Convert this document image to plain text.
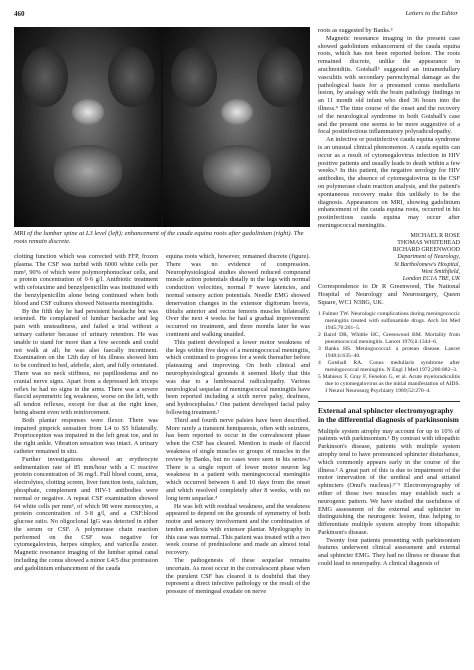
460	Letters to the Editor
MRI of the lumbar spine at L3 level (left); enhancement of the cauda equina roots after gadolinium (right). The roots remain discrete.

clotting function which was corrected with FFP, frozen plasma. The CSF was turbid with 6000 white cells per mm³, 90% of which were polymorphonuclear cells, and a protein concentration of 0·6 g/l. Antibiotic treatment with cefotaxime and benzylpenicillin was instituted with the benzylpenicillin alone being continued when both blood and CSF cultures showed Neisseria meningitidis.

By the fifth day he had persistent headache but was oriented. He complained of lumbar backache and leg pain with unsteadiness, and failed a trial without a urinary catheter because of urinary retention. He was unable to stand for more than a few seconds and could not walk at all; he was also faecally incontinent. Examination on the 12th day of his illness showed him to be confined to bed, afebrile, alert, and fully orientated. There was no neck stiffness, no papilloedema and no cranial nerve signs. Apart from a depressed left triceps reflex he had no signs in the arms. There was a severe flaccid asymmetric leg weakness, worse on the left, with all tendon reflexes, except for that at the right knee, being absent even with reinforcement.

Both plantar responses were flexor. There was impaired pinprick sensation from L4 to S5 bilaterally. Proprioception was impaired in the left great toe, and in the right ankle. Vibration sensation was intact. A urinary catheter remained in situ.

Further investigations showed an erythrocyte sedimentation rate of 85 mm/hour with a C reactive protein concentration of 36 mg/l. Full blood count, urea, electrolytes, clotting screen, liver function tests, calcium, phosphate, complement and HIV-1 antibodies were normal or negative. A repeat CSF examination showed 64 white cells per mm³, of which 98 were monocytes, a protein concentration of 3·8 g/l, and a CSF:blood glucose ratio. No oligoclonal IgG was detected in either the serum or CSF. A polymerase chain reaction performed on the CSF was negative for cytomegalovirus, herpes simplex, and varicella zoster. Magnetic resonance imaging of the lumbar spinal canal including the conus showed a minor L4/5 disc protrusion and gadolinium enhancement of the cauda

equina roots which, however, remained discrete (figure). There was no evidence of compression. Neurophysiological studies showed reduced compound muscle action potentials distally in the legs with normal conduction velocities, normal F wave latencies, and normal sensory action potentials. Needle EMG showed denervation changes in the extensor digitorum brevis, tibialis anterior and rectus femoris muscles bilaterally. Over the next 4 weeks he had a gradual improvement occurred on treatment, and three months later he was continent and walking unaided.

This patient developed a lower motor weakness of the legs within five days of a meningococcal meningitis, which continued to progress for a week thereafter before plateauing and improving. On both clinical and neurophysiological grounds it seemed likely that this was due to a lumbosacral radiculopathy. Various neurological sequelae of meningococcal meningitis have been reported including a sixth nerve palsy, deafness, and hydrocephalus.¹ One patient developed facial palsy following treatment.²

Third and fourth nerve palsies have been described. More rarely a transient hemiparesis, often with seizures, has been reported to occur in the convalescent phase when the CSF has cleared. Mention is made of flaccid weakness of single muscles or groups of muscles in the review by Banks, but no cases were seen in his series.³ There is a single report of lower motor neuron leg weakness in a patient with meningococcal meningitis which occurred between 6 and 10 days from the onset and which resolved completely after 8 weeks, with no long term sequelae.⁴

He was left with residual weakness, and the weakness appeared to depend on the grounds of symmetry of both motor and sensory involvement and the combination of tendon areflexia with extensor plantar. Myelography in this case was normal. This patient was treated with a two week course of prednisolone and made an almost total recovery.

The pathogenesis of these sequelae remains uncertain. As most occur in the convalescent phase when the purulent CSF has cleared it is doubtful that they represent a direct infective pathology or the result of the pressure of meningeal exudate on nerve

roots as suggested by Banks.³

Magnetic resonance imaging in the present case showed gadolinium enhancement of the cauda equina roots, which has not been reported before. The roots remained discrete, unlike the appearance in arachnoiditis. Gotshall⁵ suggested an intramedullary vasculitis with secondary parenchymal damage as the pathological basis for a presumed conus medullaris lesion, by analogy with the brain pathology findings in an 11 month old infant who died 36 hours into the illness.⁴ The time course of the onset and the recovery of the neurological syndrome in both Gotshall's case and the present one seems to be more suggestive of a focal postinfectious inflammatory polyradiculopathy.

An infective or postinfective cauda equina syndrome is an unusual clinical phenomenon. A cauda equitis can occur as a result of cytomegalovirus infection in HIV positive patients and usually leads to death within a few weeks.⁵ In this patient, the negative serology for HIV antibodies, the absence of cytomegalovirus in the CSF on polymerase chain reaction analysis, and the patient's spontaneous recovery make this unlikely to be the diagnosis. Appearances on MRI, showing gadolinium enhancement of the cauda equina roots, occurred in his postinfectious cauda equina may occur after meningococcal meningitis.

MICHAEL R ROSE
THOMAS WHITEHEAD
RICHARD GREENWOOD
Department of Neurology,
St Bartholomew's Hospital,
West Smithfield,
London EC1A 7BE, UK

Correspondence to Dr R Greenwood, The National Hospital of Neurology and Neurosurgery, Queen Square, WC1 N3BG, UK.

1 Fulmer TW. Neurologic complications during meningococcic meningitis treated with sulfonamide drugs. Arch Int Med 1945;76:201–5.
2 Baird DR, Whittle HC, Greenwood BM. Mortality from pneumococcal meningitis. Lancet 1976;ii:1344–6.
3 Banks HS. Meningococcal: a protean disease. Lancet 1948;ii:635–40.
4 Gotshall RA. Conus medullaris syndrome after meningococcal meningitis. N Engl J Med 1972;286:882–3.
5 Mahieux F, Gray F, Fenelon G, et al. Acute myeloradiculitis due to cytomegalovirus as the initial manifestation of AIDS. J Neurol Neurosurg Psychiatry 1989;52:270–4.
External anal sphincter electromyography in the differential diagnosis of parkinsonism

Multiple system atrophy may account for up to 10% of patients with parkinsonism.¹ By contrast with idiopathic Parkinson's disease, patients with multiple system atrophy tend to have pronounced sphincter disturbance, which commonly appears early in the course of the illness.² A great part of this is due to impairment of the motor innervation of the urethral and anal striated sphincters (Onuf's nucleus).³⁻⁵ Electromyography of either of those two muscles may establish such a neurogenic pattern. We have studied the usefulness of EMG assessment of the external anal sphincter in distinguishing the neurogenic lesion, thus helping to differentiate multiple system atrophy from idiopathic Parkinson's disease.

Twenty four patients presenting with parkinsonism features underwent clinical assessment and external anal sphincter EMG. They had no illness or disease that could lead to neuropathy. A clinical diagnosis of
